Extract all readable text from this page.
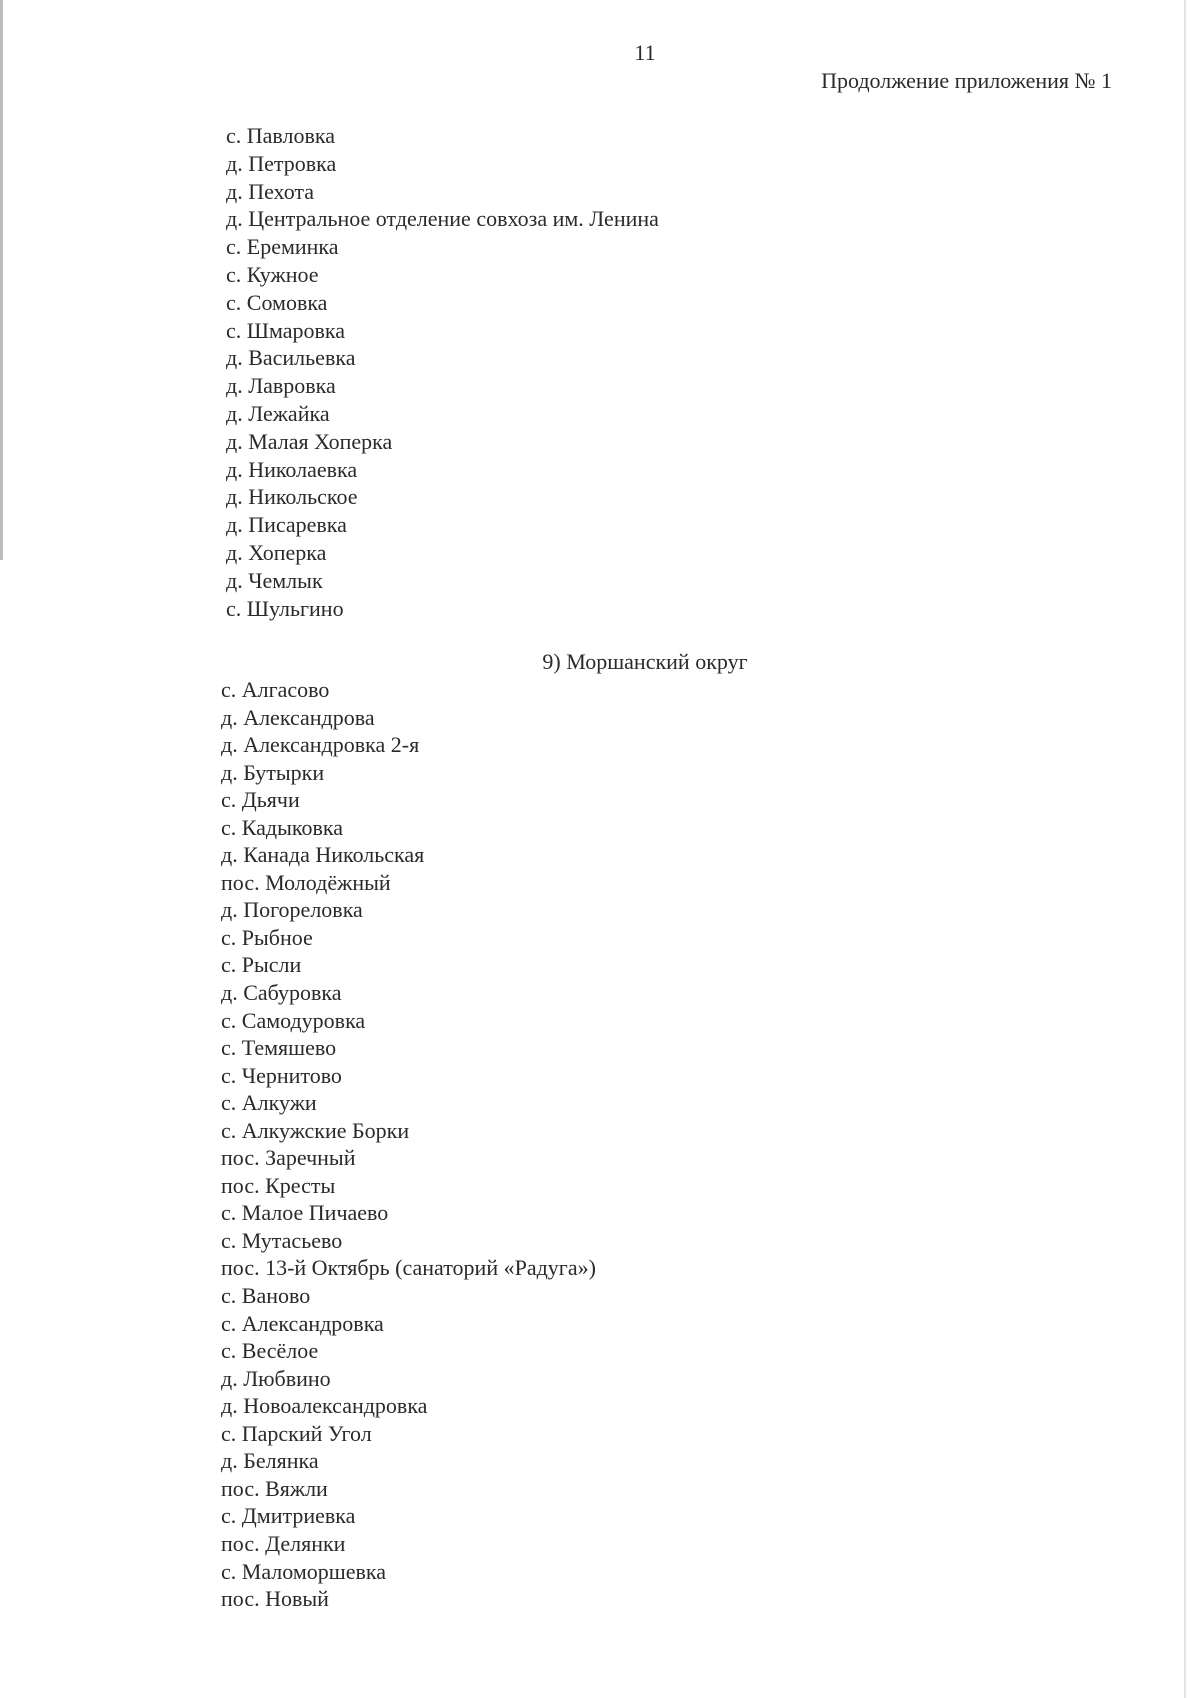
11
Продолжение приложения № 1
с. Павловка
д. Петровка
д. Пехота
д. Центральное отделение совхоза им. Ленина
с. Ереминка
с. Кужное
с. Сомовка
с. Шмаровка
д. Васильевка
д. Лавровка
д. Лежайка
д. Малая Хоперка
д. Николаевка
д. Никольское
д. Писаревка
д. Хоперка
д. Чемлык
с. Шульгино
9) Моршанский округ
с. Алгасово
д. Александрова
д. Александровка 2-я
д. Бутырки
с. Дьячи
с. Кадыковка
д. Канада Никольская
пос. Молодёжный
д. Погореловка
с. Рыбное
с. Рысли
д. Сабуровка
с. Самодуровка
с. Темяшево
с. Чернитово
с. Алкужи
с. Алкужские Борки
пос. Заречный
пос. Кресты
с. Малое Пичаево
с. Мутасьево
пос. 13-й Октябрь (санаторий «Радуга»)
с. Ваново
с. Александровка
с. Весёлое
д. Любвино
д. Новоалександровка
с. Парский Угол
д. Белянка
пос. Вяжли
с. Дмитриевка
пос. Делянки
с. Маломоршевка
пос. Новый
